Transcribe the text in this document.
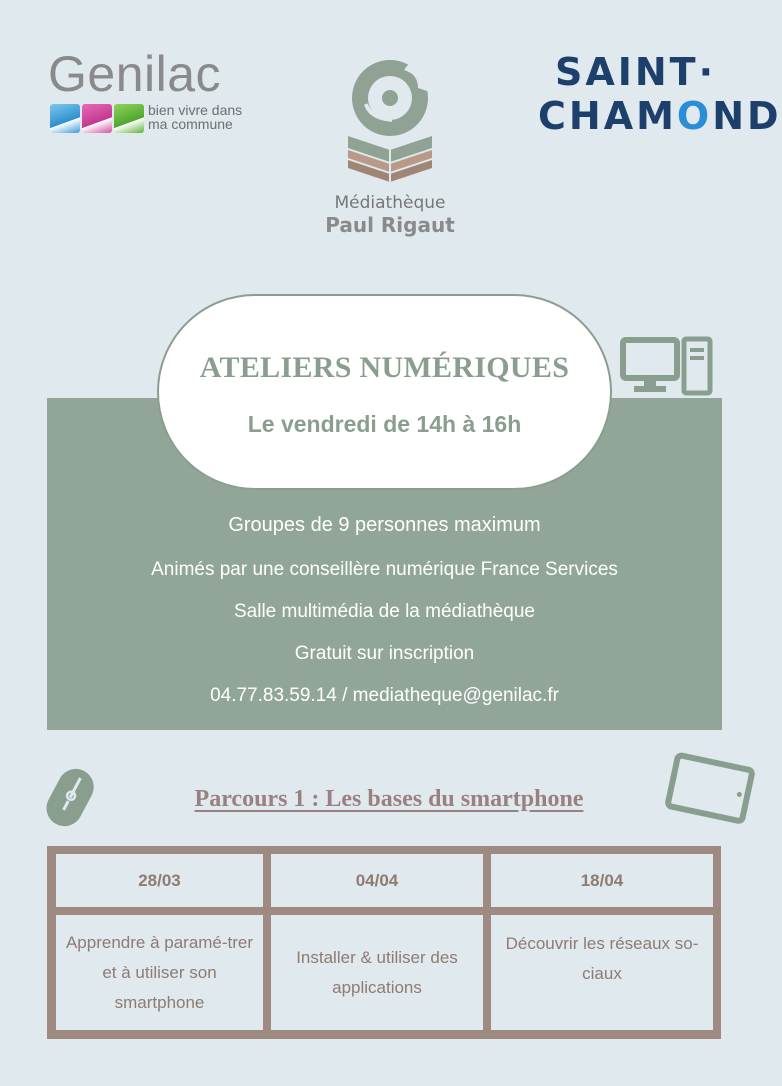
Genilac
bien vivre dans
ma commune
Médiathèque
Paul Rigaut
SAINT·
CHAMOND
Groupes de 9 personnes maximum
Animés par une conseillère numérique France Services
Salle multimédia de la médiathèque
Gratuit sur inscription
04.77.83.59.14 / mediatheque@genilac.fr
ATELIERS NUMÉRIQUES
Le vendredi de 14h à 16h
Parcours 1 : Les bases du smartphone
28/03	04/04	18/04
Apprendre à paramé-trer et à utiliser son smartphone
Installer & utiliser des applications
Découvrir les réseaux so-ciaux
